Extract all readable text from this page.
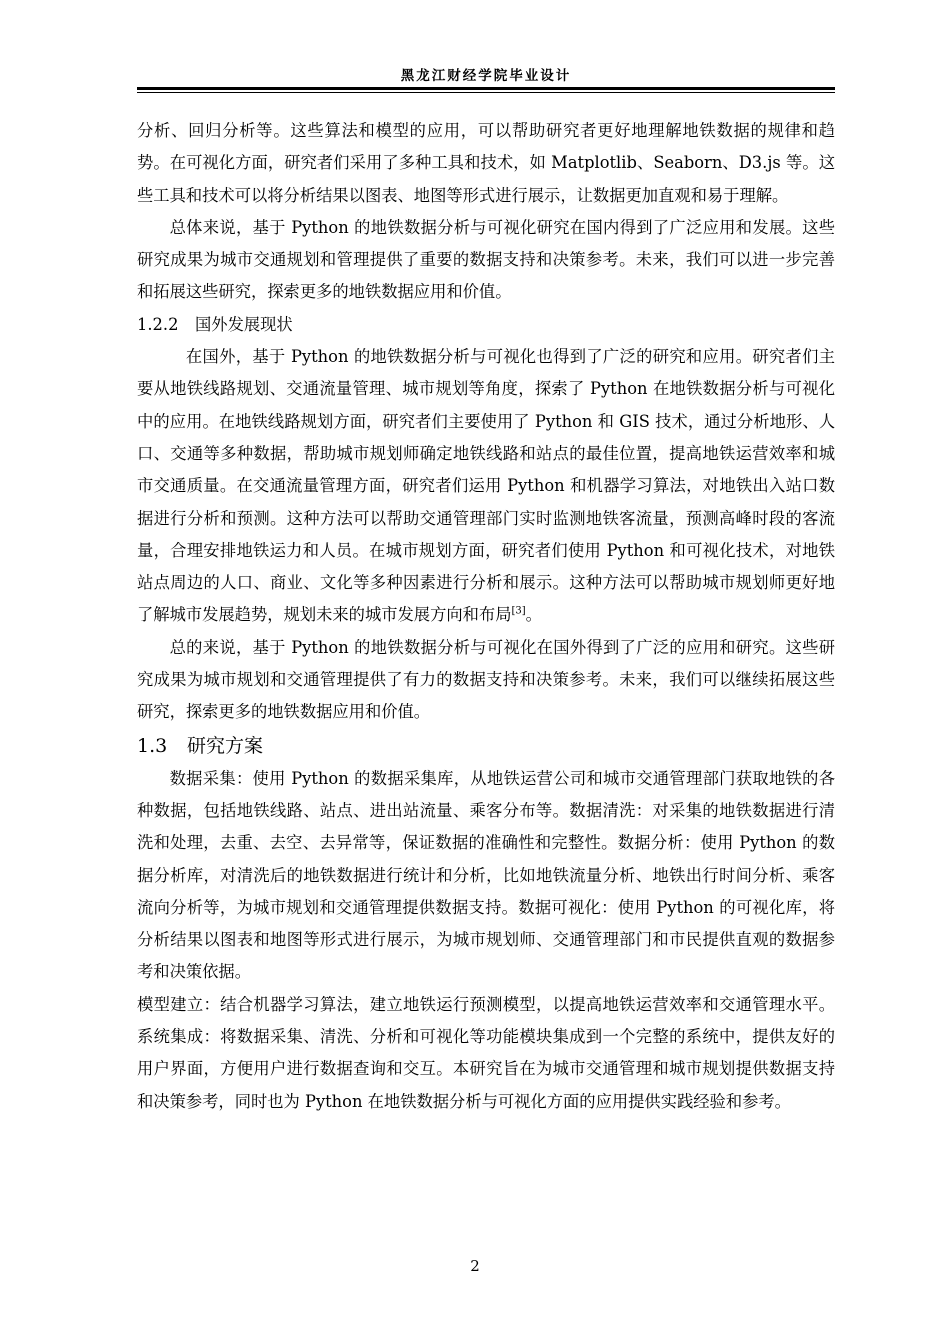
黑龙江财经学院毕业设计

分析、回归分析等。这些算法和模型的应用，可以帮助研究者更好地理解地铁数据的规律和趋势。在可视化方面，研究者们采用了多种工具和技术，如 Matplotlib、Seaborn、D3.js 等。这些工具和技术可以将分析结果以图表、地图等形式进行展示，让数据更加直观和易于理解。

总体来说，基于 Python 的地铁数据分析与可视化研究在国内得到了广泛应用和发展。这些研究成果为城市交通规划和管理提供了重要的数据支持和决策参考。未来，我们可以进一步完善和拓展这些研究，探索更多的地铁数据应用和价值。

1.2.2 国外发展现状

在国外，基于 Python 的地铁数据分析与可视化也得到了广泛的研究和应用。研究者们主要从地铁线路规划、交通流量管理、城市规划等角度，探索了 Python 在地铁数据分析与可视化中的应用。在地铁线路规划方面，研究者们主要使用了 Python 和 GIS 技术，通过分析地形、人口、交通等多种数据，帮助城市规划师确定地铁线路和站点的最佳位置，提高地铁运营效率和城市交通质量。在交通流量管理方面，研究者们运用 Python 和机器学习算法，对地铁出入站口数据进行分析和预测。这种方法可以帮助交通管理部门实时监测地铁客流量，预测高峰时段的客流量，合理安排地铁运力和人员。在城市规划方面，研究者们使用 Python 和可视化技术，对地铁站点周边的人口、商业、文化等多种因素进行分析和展示。这种方法可以帮助城市规划师更好地了解城市发展趋势，规划未来的城市发展方向和布局[3]。

总的来说，基于 Python 的地铁数据分析与可视化在国外得到了广泛的应用和研究。这些研究成果为城市规划和交通管理提供了有力的数据支持和决策参考。未来，我们可以继续拓展这些研究，探索更多的地铁数据应用和价值。

1.3 研究方案

数据采集：使用 Python 的数据采集库，从地铁运营公司和城市交通管理部门获取地铁的各种数据，包括地铁线路、站点、进出站流量、乘客分布等。数据清洗：对采集的地铁数据进行清洗和处理，去重、去空、去异常等，保证数据的准确性和完整性。数据分析：使用 Python 的数据分析库，对清洗后的地铁数据进行统计和分析，比如地铁流量分析、地铁出行时间分析、乘客流向分析等，为城市规划和交通管理提供数据支持。数据可视化：使用 Python 的可视化库，将分析结果以图表和地图等形式进行展示，为城市规划师、交通管理部门和市民提供直观的数据参考和决策依据。

模型建立：结合机器学习算法，建立地铁运行预测模型，以提高地铁运营效率和交通管理水平。系统集成：将数据采集、清洗、分析和可视化等功能模块集成到一个完整的系统中，提供友好的用户界面，方便用户进行数据查询和交互。本研究旨在为城市交通管理和城市规划提供数据支持和决策参考，同时也为 Python 在地铁数据分析与可视化方面的应用提供实践经验和参考。

2
